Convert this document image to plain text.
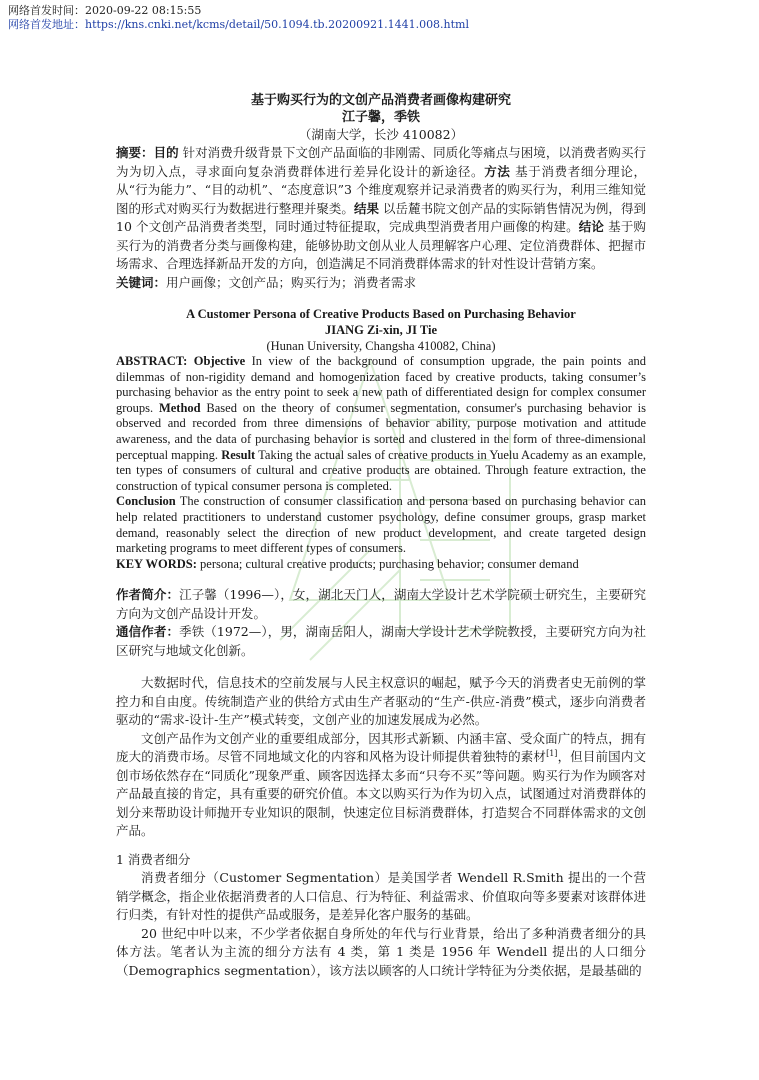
网络首发时间：2020-09-22 08:15:55
网络首发地址：https://kns.cnki.net/kcms/detail/50.1094.tb.20200921.1441.008.html
基于购买行为的文创产品消费者画像构建研究
江子馨，季铁
（湖南大学，长沙 410082）
摘要：目的 针对消费升级背景下文创产品面临的非刚需、同质化等痛点与困境，以消费者购买行为为切入点，寻求面向复杂消费群体进行差异化设计的新途径。方法 基于消费者细分理论，从“行为能力”、“目的动机”、“态度意识”3 个维度观察并记录消费者的购买行为，利用三维知觉图的形式对购买行为数据进行整理并聚类。结果 以岳麓书院文创产品的实际销售情况为例，得到 10 个文创产品消费者类型，同时通过特征提取，完成典型消费者用户画像的构建。结论 基于购买行为的消费者分类与画像构建，能够协助文创从业人员理解客户心理、定位消费群体、把握市场需求、合理选择新品开发的方向，创造满足不同消费群体需求的针对性设计营销方案。
关键词：用户画像；文创产品；购买行为；消费者需求
A Customer Persona of Creative Products Based on Purchasing Behavior
JIANG Zi-xin, JI Tie
(Hunan University, Changsha 410082, China)
ABSTRACT: Objective In view of the background of consumption upgrade, the pain points and dilemmas of non-rigidity demand and homogenization faced by creative products, taking consumer’s purchasing behavior as the entry point to seek a new path of differentiated design for complex consumer groups. Method Based on the theory of consumer segmentation, consumer's purchasing behavior is observed and recorded from three dimensions of behavior ability, purpose motivation and attitude awareness, and the data of purchasing behavior is sorted and clustered in the form of three-dimensional perceptual mapping. Result Taking the actual sales of creative products in Yuelu Academy as an example, ten types of consumers of cultural and creative products are obtained. Through feature extraction, the construction of typical consumer persona is completed.
Conclusion The construction of consumer classification and persona based on purchasing behavior can help related practitioners to understand customer psychology, define consumer groups, grasp market demand, reasonably select the direction of new product development, and create targeted design marketing programs to meet different types of consumers.
KEY WORDS: persona; cultural creative products; purchasing behavior; consumer demand
作者简介：江子馨（1996—），女，湖北天门人，湖南大学设计艺术学院硕士研究生，主要研究方向为文创产品设计开发。
通信作者：季铁（1972—），男，湖南岳阳人，湖南大学设计艺术学院教授，主要研究方向为社区研究与地域文化创新。
大数据时代，信息技术的空前发展与人民主权意识的崛起，赋予今天的消费者史无前例的掌控力和自由度。传统制造产业的供给方式由生产者驱动的“生产-供应-消费”模式，逐步向消费者驱动的“需求-设计-生产”模式转变，文创产业的加速发展成为必然。
文创产品作为文创产业的重要组成部分，因其形式新颖、内涵丰富、受众面广的特点，拥有庞大的消费市场。尽管不同地域文化的内容和风格为设计师提供着独特的素材[1]，但目前国内文创市场依然存在“同质化”现象严重、顾客因选择太多而“只夸不买”等问题。购买行为作为顾客对产品最直接的肯定，具有重要的研究价值。本文以购买行为作为切入点，试图通过对消费群体的划分来帮助设计师抛开专业知识的限制，快速定位目标消费群体，打造契合不同群体需求的文创产品。
1 消费者细分
消费者细分（Customer Segmentation）是美国学者 Wendell R.Smith 提出的一个营销学概念，指企业依据消费者的人口信息、行为特征、利益需求、价值取向等多要素对该群体进行归类，有针对性的提供产品或服务，是差异化客户服务的基础。
20 世纪中叶以来，不少学者依据自身所处的年代与行业背景，给出了多种消费者细分的具体方法。笔者认为主流的细分方法有 4 类，第 1 类是 1956 年 Wendell 提出的人口细分（Demographics segmentation），该方法以顾客的人口统计学特征为分类依据，是最基础的
